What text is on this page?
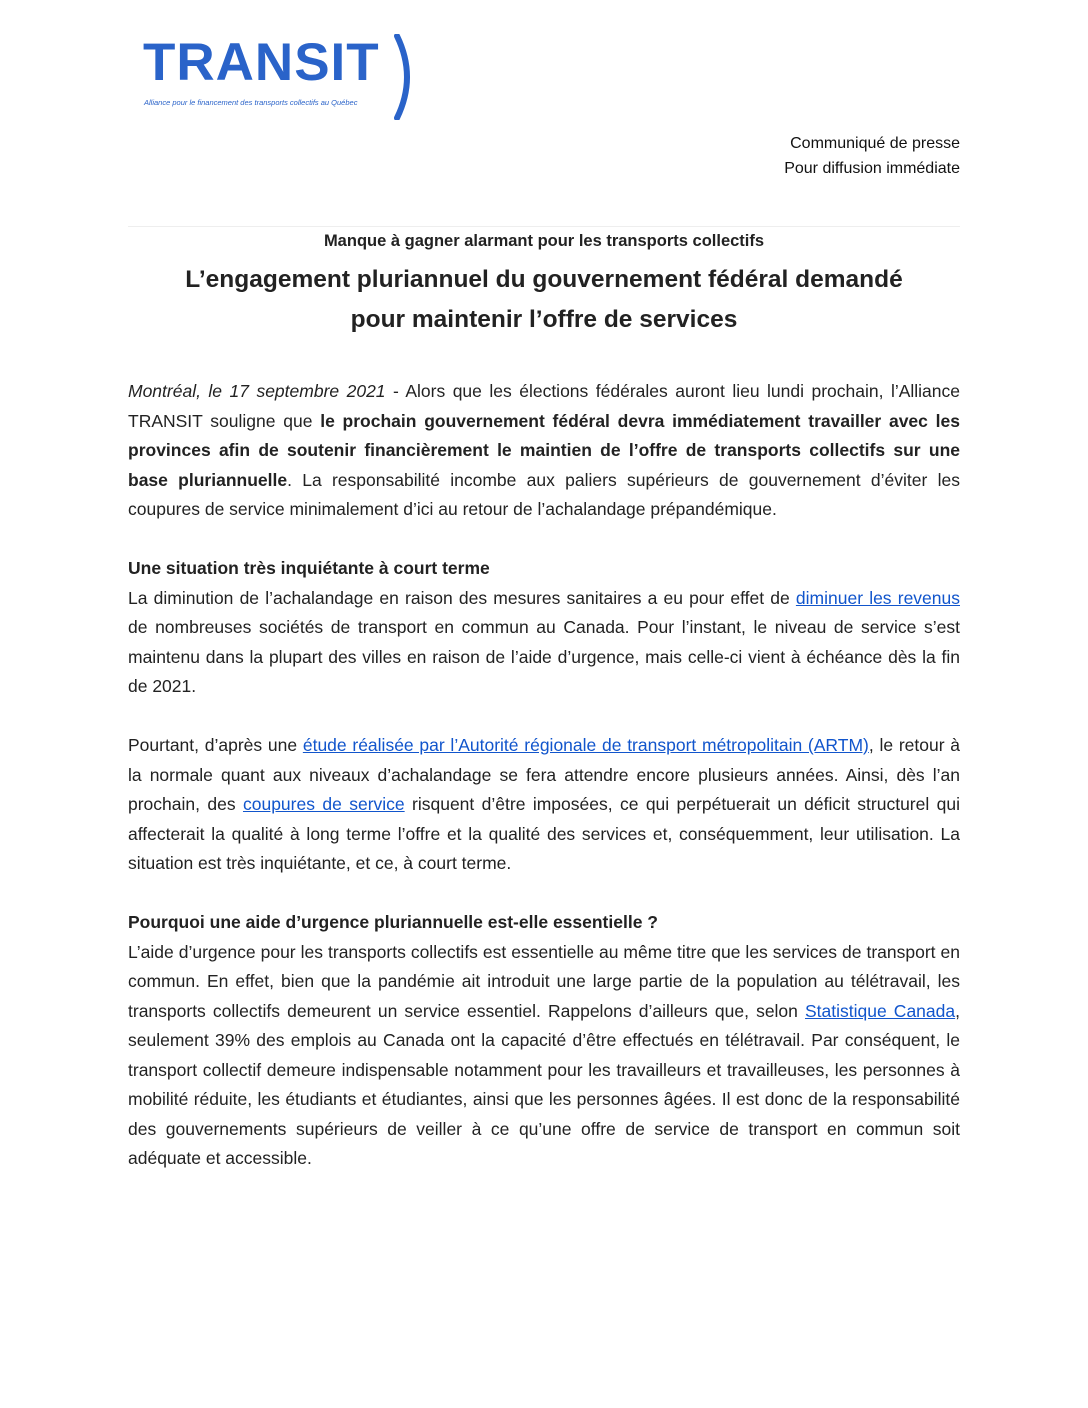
TRANSIT
Alliance pour le financement des transports collectifs au Québec
Communiqué de presse
Pour diffusion immédiate
Manque à gagner alarmant pour les transports collectifs
L’engagement pluriannuel du gouvernement fédéral demandé
pour maintenir l’offre de services

Montréal, le 17 septembre 2021 - Alors que les élections fédérales auront lieu lundi prochain, l’Alliance TRANSIT souligne que le prochain gouvernement fédéral devra immédiatement travailler avec les provinces afin de soutenir financièrement le maintien de l’offre de transports collectifs sur une base pluriannuelle. La responsabilité incombe aux paliers supérieurs de gouvernement d’éviter les coupures de service minimalement d’ici au retour de l’achalandage prépandémique.

Une situation très inquiétante à court terme

La diminution de l’achalandage en raison des mesures sanitaires a eu pour effet de diminuer les revenus de nombreuses sociétés de transport en commun au Canada. Pour l’instant, le niveau de service s’est maintenu dans la plupart des villes en raison de l’aide d’urgence, mais celle-ci vient à échéance dès la fin de 2021.

Pourtant, d’après une étude réalisée par l’Autorité régionale de transport métropolitain (ARTM), le retour à la normale quant aux niveaux d’achalandage se fera attendre encore plusieurs années. Ainsi, dès l’an prochain, des coupures de service risquent d’être imposées, ce qui perpétuerait un déficit structurel qui affecterait la qualité à long terme l’offre et la qualité des services et, conséquemment, leur utilisation. La situation est très inquiétante, et ce, à court terme.

Pourquoi une aide d’urgence pluriannuelle est-elle essentielle ?

L’aide d’urgence pour les transports collectifs est essentielle au même titre que les services de transport en commun. En effet, bien que la pandémie ait introduit une large partie de la population au télétravail, les transports collectifs demeurent un service essentiel. Rappelons d’ailleurs que, selon Statistique Canada, seulement 39% des emplois au Canada ont la capacité d’être effectués en télétravail. Par conséquent, le transport collectif demeure indispensable notamment pour les travailleurs et travailleuses, les personnes à mobilité réduite, les étudiants et étudiantes, ainsi que les personnes âgées. Il est donc de la responsabilité des gouvernements supérieurs de veiller à ce qu’une offre de service de transport en commun soit adéquate et accessible.
